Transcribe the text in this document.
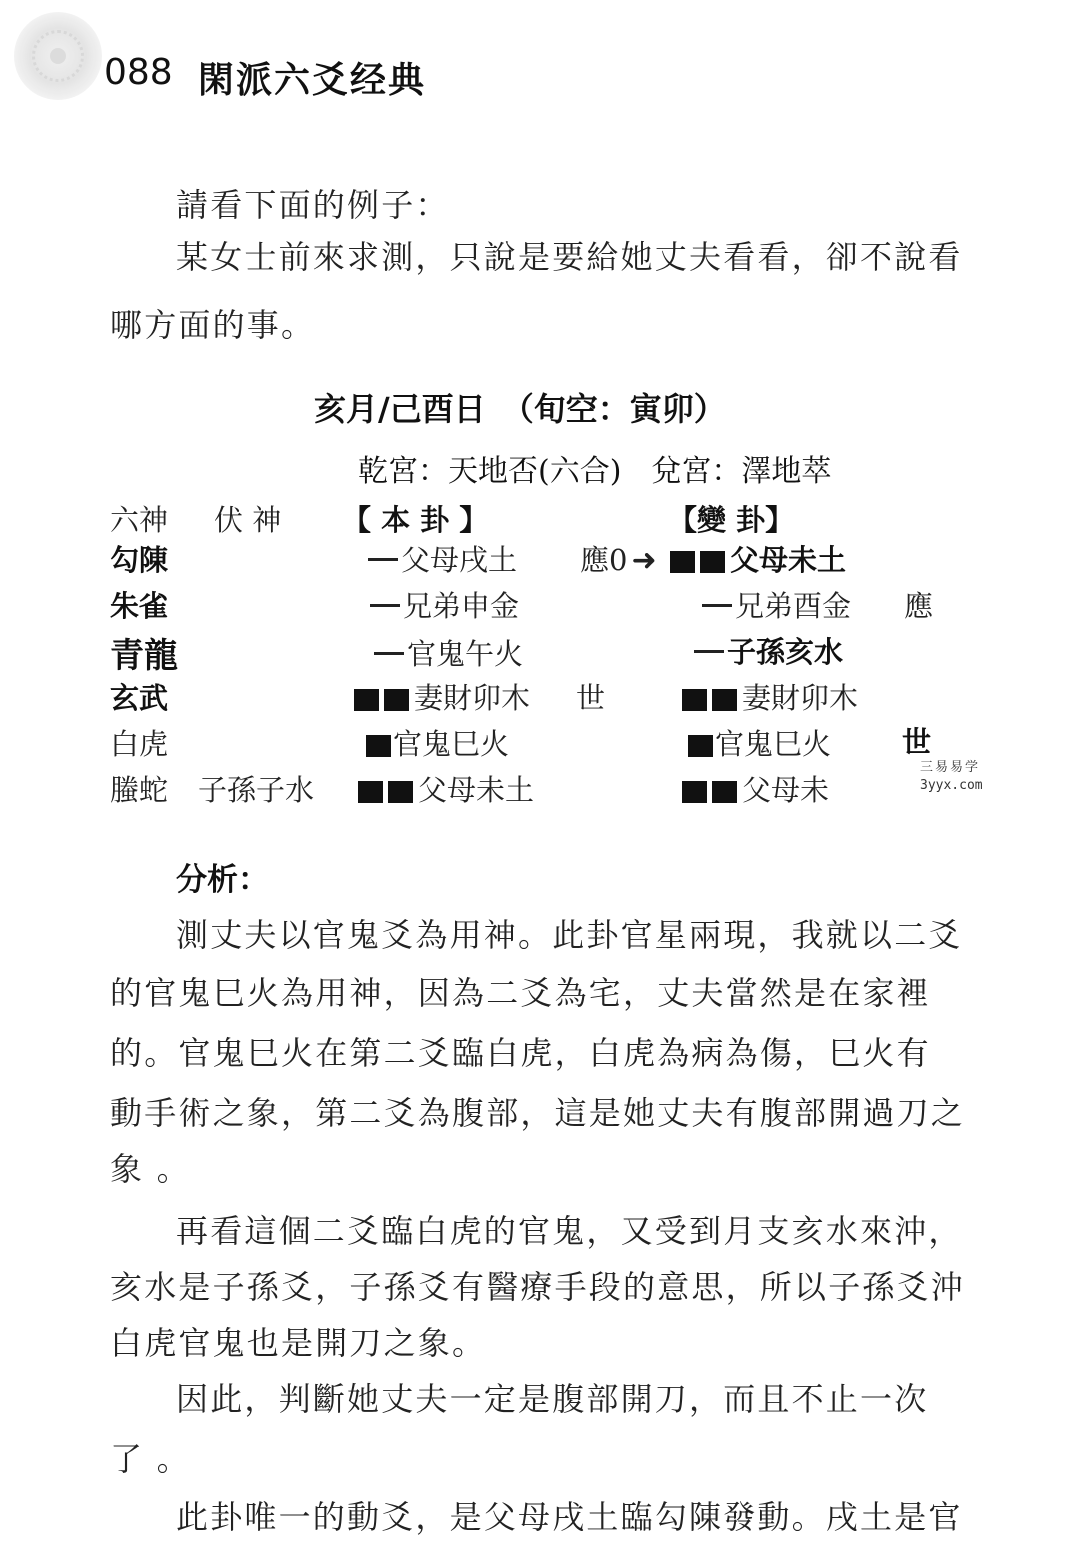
088 閑派六爻经典
請看下面的例子：
某女士前來求測，只說是要給她丈夫看看，卻不說看
哪方面的事。
亥月/己酉日　（旬空：寅卯）
乾宮：天地否(六合)　兌宮：澤地萃
六神 伏 神 【 本 卦 】	【變 卦】
勾陳	父母戌土 應0 ➜	父母未土
朱雀	兄弟申金	兄弟酉金 應
青龍	官鬼午火	子孫亥水
玄武	妻財卯木 世	妻財卯木
白虎	官鬼巳火	官鬼巳火 世
螣蛇 子孫子水	父母未土	父母未
三易易学
3yyx.com
分析：
測丈夫以官鬼爻為用神。此卦官星兩現，我就以二爻
的官鬼巳火為用神，因為二爻為宅，丈夫當然是在家裡
的。官鬼巳火在第二爻臨白虎，白虎為病為傷，巳火有
動手術之象，第二爻為腹部，這是她丈夫有腹部開過刀之
象 。
再看這個二爻臨白虎的官鬼，又受到月支亥水來沖，
亥水是子孫爻，子孫爻有醫療手段的意思，所以子孫爻沖
白虎官鬼也是開刀之象。
因此，判斷她丈夫一定是腹部開刀，而且不止一次
了 。
此卦唯一的動爻，是父母戌土臨勾陳發動。戌土是官
